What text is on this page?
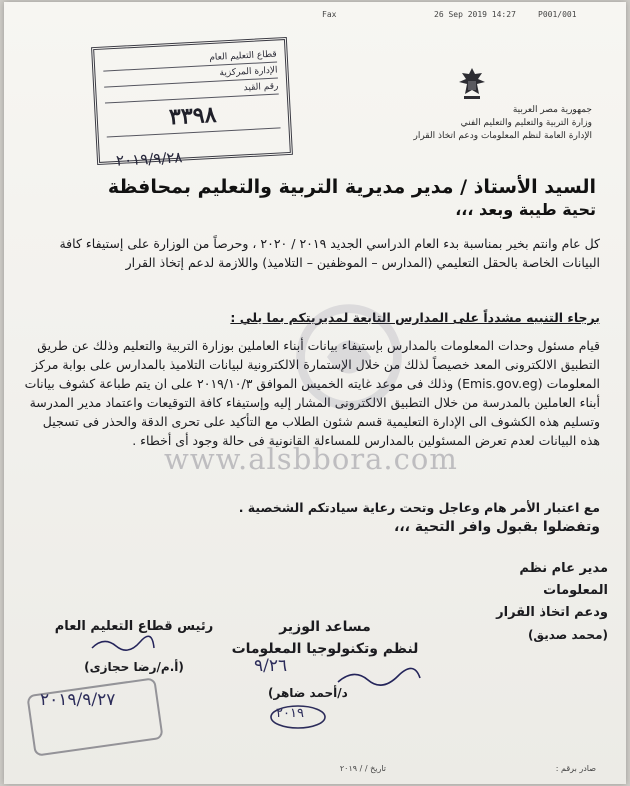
Fax	26 Sep 2019 14:27	P001/001
جمهورية مصر العربية
وزارة التربية والتعليم والتعليم الفني
الإدارة العامة لنظم المعلومات ودعم اتخاذ القرار
قطاع التعليم العام
الإدارة المركزية
رقم القيد
٣٣٩٨
٢٠١٩/٩/٢٨
السيد الأستاذ / مدير مديرية التربية والتعليم بمحافظة
تحية طيبة وبعد ،،،
كل عام وانتم بخير بمناسبة بدء العام الدراسي الجديد ٢٠١٩ / ٢٠٢٠ ، وحرصاً من الوزارة على إستيفاء كافة البيانات الخاصة بالحقل التعليمي (المدارس – الموظفين – التلاميذ) واللازمة لدعم إتخاذ القرار
برجاء التنبيه مشدداً على المدارس التابعة لمديريتكم بما يلي :
قيام مسئول وحدات المعلومات بالمدارس بإستيفاء بيانات أبناء العاملين بوزارة التربية والتعليم وذلك عن طريق التطبيق الالكترونى المعد خصيصاً لذلك من خلال الإستمارة الالكترونية لبيانات التلاميذ بالمدارس على بوابة مركز المعلومات (Emis.gov.eg) وذلك فى موعد غايته الخميس الموافق ٢٠١٩/١٠/٣ على ان يتم طباعة كشوف بيانات أبناء العاملين بالمدرسة من خلال التطبيق الالكترونى المشار إليه وإستيفاء كافة التوقيعات واعتماد مدير المدرسة وتسليم هذه الكشوف الى الإدارة التعليمية قسم شئون الطلاب مع التأكيد على تحرى الدقة والحذر فى تسجيل هذه البيانات لعدم تعرض المسئولين بالمدارس للمساءلة القانونية فى حالة وجود أى أخطاء .
مع اعتبار الأمر هام وعاجل وتحت رعاية سيادتكم الشخصية .
وتفضلوا بقبول وافر التحية ،،،
www.alsbbora.com
مدير عام نظم المعلومات
ودعم اتخاذ القرار
(محمد صديق)
مساعد الوزير
لنظم وتكنولوجيا المعلومات
٩/٢٦
د/أحمد ضاهر)
٢٠١٩
رئيس قطاع التعليم العام
(أ.م/رضا حجازى)
٢٠١٩/٩/٢٧
صادر برقم :
تاريخ / / ٢٠١٩
